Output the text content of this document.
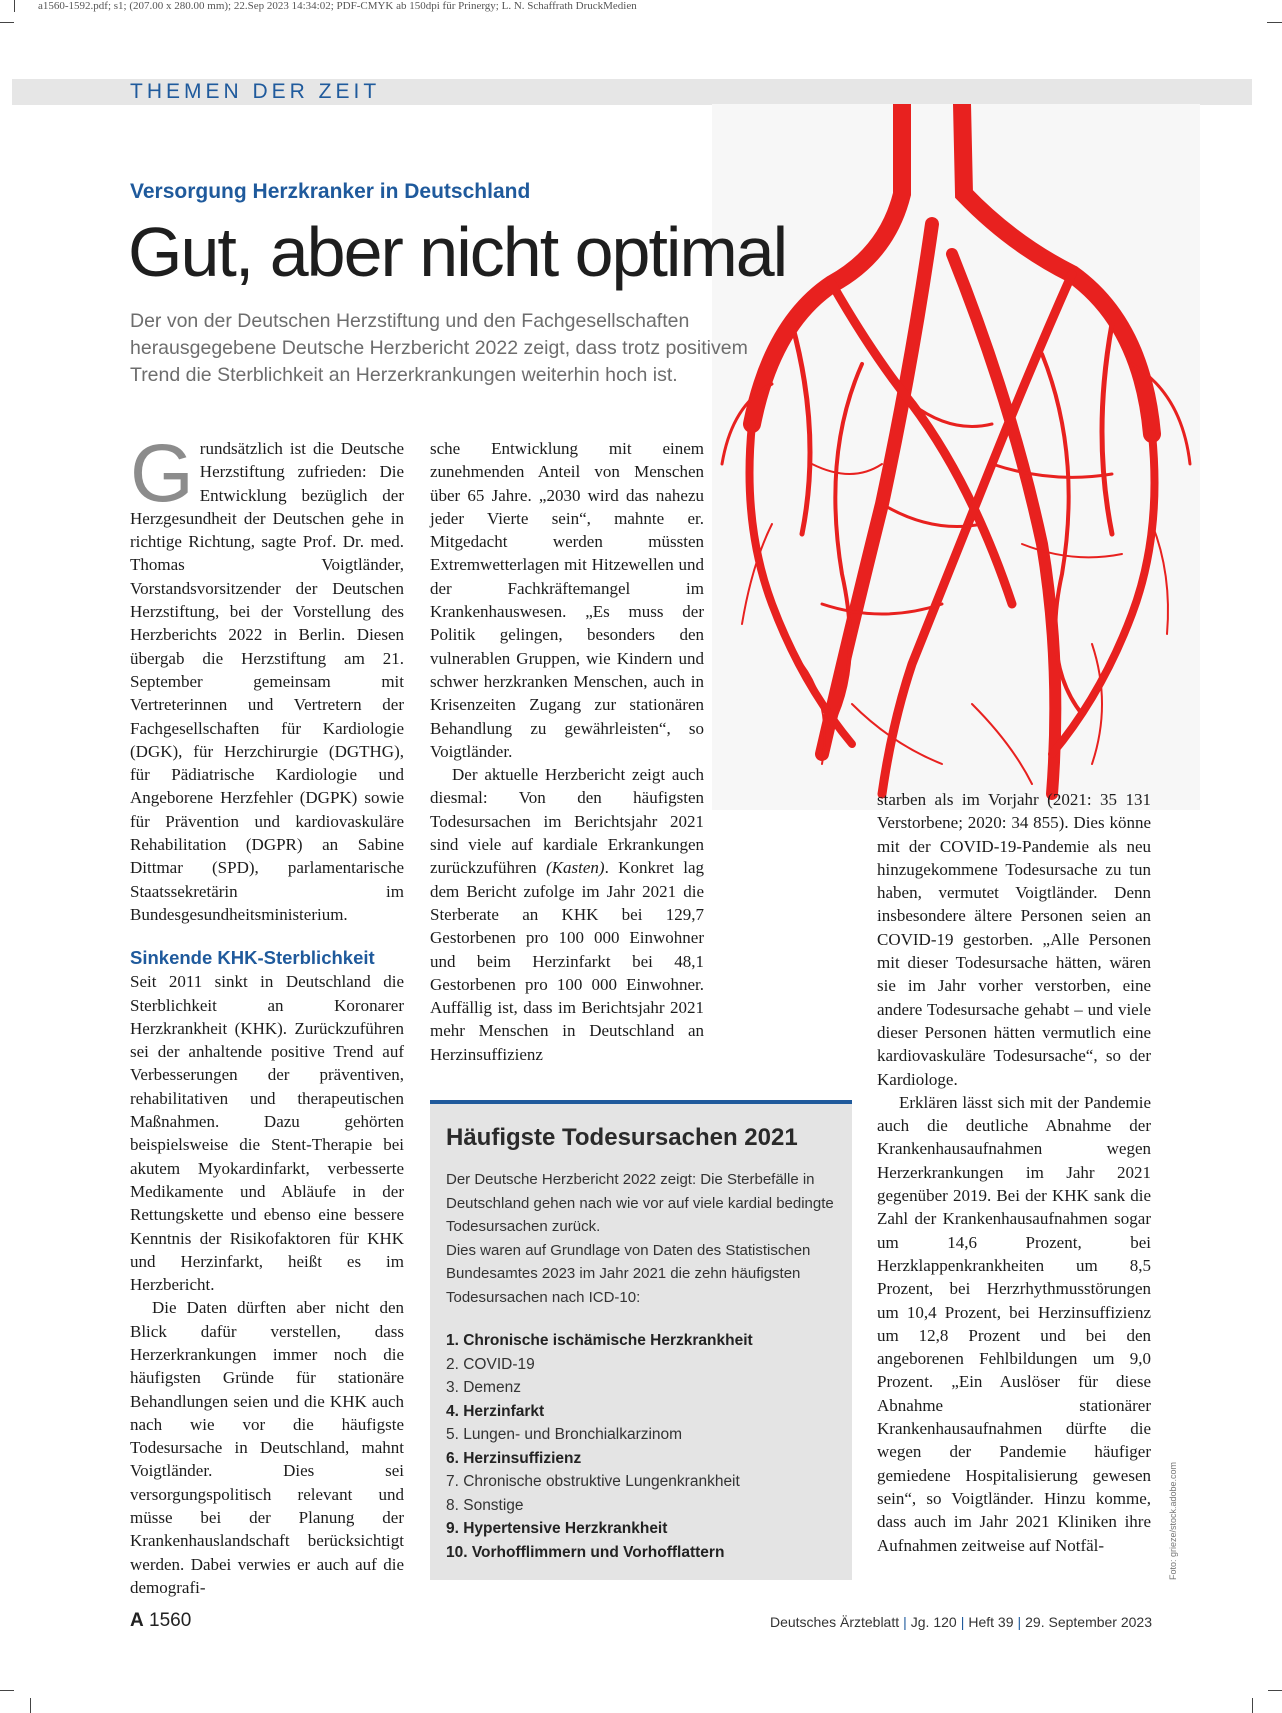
a1560-1592.pdf; s1; (207.00 x 280.00 mm); 22.Sep 2023 14:34:02; PDF-CMYK ab 150dpi für Prinergy; L. N. Schaffrath DruckMedien
THEMEN DER ZEIT
Versorgung Herzkranker in Deutschland
Gut, aber nicht optimal
Der von der Deutschen Herzstiftung und den Fachgesellschaften herausgegebene Deutsche Herzbericht 2022 zeigt, dass trotz positivem Trend die Sterblichkeit an Herzerkrankungen weiterhin hoch ist.

Grundsätzlich ist die Deutsche Herzstiftung zufrieden: Die Entwicklung bezüglich der Herzgesundheit der Deutschen gehe in richtige Richtung, sagte Prof. Dr. med. Thomas Voigtländer, Vorstandsvorsitzender der Deutschen Herzstiftung, bei der Vorstellung des Herzberichts 2022 in Berlin. Diesen übergab die Herzstiftung am 21. September gemeinsam mit Vertreterinnen und Vertretern der Fachgesellschaften für Kardiologie (DGK), für Herzchirurgie (DGTHG), für Pädiatrische Kardiologie und Angeborene Herzfehler (DGPK) sowie für Prävention und kardiovaskuläre Rehabilitation (DGPR) an Sabine Dittmar (SPD), parlamentarische Staatssekretärin im Bundesgesundheitsministerium.

Sinkende KHK-Sterblichkeit

Seit 2011 sinkt in Deutschland die Sterblichkeit an Koronarer Herzkrankheit (KHK). Zurückzuführen sei der anhaltende positive Trend auf Verbesserungen der präventiven, rehabilitativen und therapeutischen Maßnahmen. Dazu gehörten beispielsweise die Stent-Therapie bei akutem Myokardinfarkt, verbesserte Medikamente und Abläufe in der Rettungskette und ebenso eine bessere Kenntnis der Risikofaktoren für KHK und Herzinfarkt, heißt es im Herzbericht.

Die Daten dürften aber nicht den Blick dafür verstellen, dass Herzerkrankungen immer noch die häufigsten Gründe für stationäre Behandlungen seien und die KHK auch nach wie vor die häufigste Todesursache in Deutschland, mahnt Voigtländer. Dies sei versorgungspolitisch relevant und müsse bei der Planung der Krankenhauslandschaft berücksichtigt werden. Dabei verwies er auch auf die demografi-

sche Entwicklung mit einem zunehmenden Anteil von Menschen über 65 Jahre. „2030 wird das nahezu jeder Vierte sein“, mahnte er. Mitgedacht werden müssten Extremwetterlagen mit Hitzewellen und der Fachkräftemangel im Krankenhauswesen. „Es muss der Politik gelingen, besonders den vulnerablen Gruppen, wie Kindern und schwer herzkranken Menschen, auch in Krisenzeiten Zugang zur stationären Behandlung zu gewährleisten“, so Voigtländer.

Der aktuelle Herzbericht zeigt auch diesmal: Von den häufigsten Todesursachen im Berichtsjahr 2021 sind viele auf kardiale Erkrankungen zurückzuführen (Kasten). Konkret lag dem Bericht zufolge im Jahr 2021 die Sterberate an KHK bei 129,7 Gestorbenen pro 100 000 Einwohner und beim Herzinfarkt bei 48,1 Gestorbenen pro 100 000 Einwohner. Auffällig ist, dass im Berichtsjahr 2021 mehr Menschen in Deutschland an Herzinsuffizienz

starben als im Vorjahr (2021: 35 131 Verstorbene; 2020: 34 855). Dies könne mit der COVID-19-Pandemie als neu hinzugekommene Todesursache zu tun haben, vermutet Voigtländer. Denn insbesondere ältere Personen seien an COVID-19 gestorben. „Alle Personen mit dieser Todesursache hätten, wären sie im Jahr vorher verstorben, eine andere Todesursache gehabt – und viele dieser Personen hätten vermutlich eine kardiovaskuläre Todesursache“, so der Kardiologe.

Erklären lässt sich mit der Pandemie auch die deutliche Abnahme der Krankenhausaufnahmen wegen Herzerkrankungen im Jahr 2021 gegenüber 2019. Bei der KHK sank die Zahl der Krankenhausaufnahmen sogar um 14,6 Prozent, bei Herzklappenkrankheiten um 8,5 Prozent, bei Herzrhythmusstörungen um 10,4 Prozent, bei Herzinsuffizienz um 12,8 Prozent und bei den angeborenen Fehlbildungen um 9,0 Prozent. „Ein Auslöser für diese Abnahme stationärer Krankenhausaufnahmen dürfte die wegen der Pandemie häufiger gemiedene Hospitalisierung gewesen sein“, so Voigtländer. Hinzu komme, dass auch im Jahr 2021 Kliniken ihre Aufnahmen zeitweise auf Notfäl-

Häufigste Todesursachen 2021

Der Deutsche Herzbericht 2022 zeigt: Die Sterbefälle in Deutschland gehen nach wie vor auf viele kardial bedingte Todesursachen zurück.

Dies waren auf Grundlage von Daten des Statistischen Bundesamtes 2023 im Jahr 2021 die zehn häufigsten Todesursachen nach ICD-10:

1. Chronische ischämische Herzkrankheit
2. COVID-19
3. Demenz
4. Herzinfarkt
5. Lungen- und Bronchialkarzinom
6. Herzinsuffizienz
7. Chronische obstruktive Lungenkrankheit
8. Sonstige
9. Hypertensive Herzkrankheit
10. Vorhofflimmern und Vorhofflattern	Foto: grieze/stock.adobe.com
A 1560	Deutsches Ärzteblatt | Jg. 120 | Heft 39 | 29. September 2023
